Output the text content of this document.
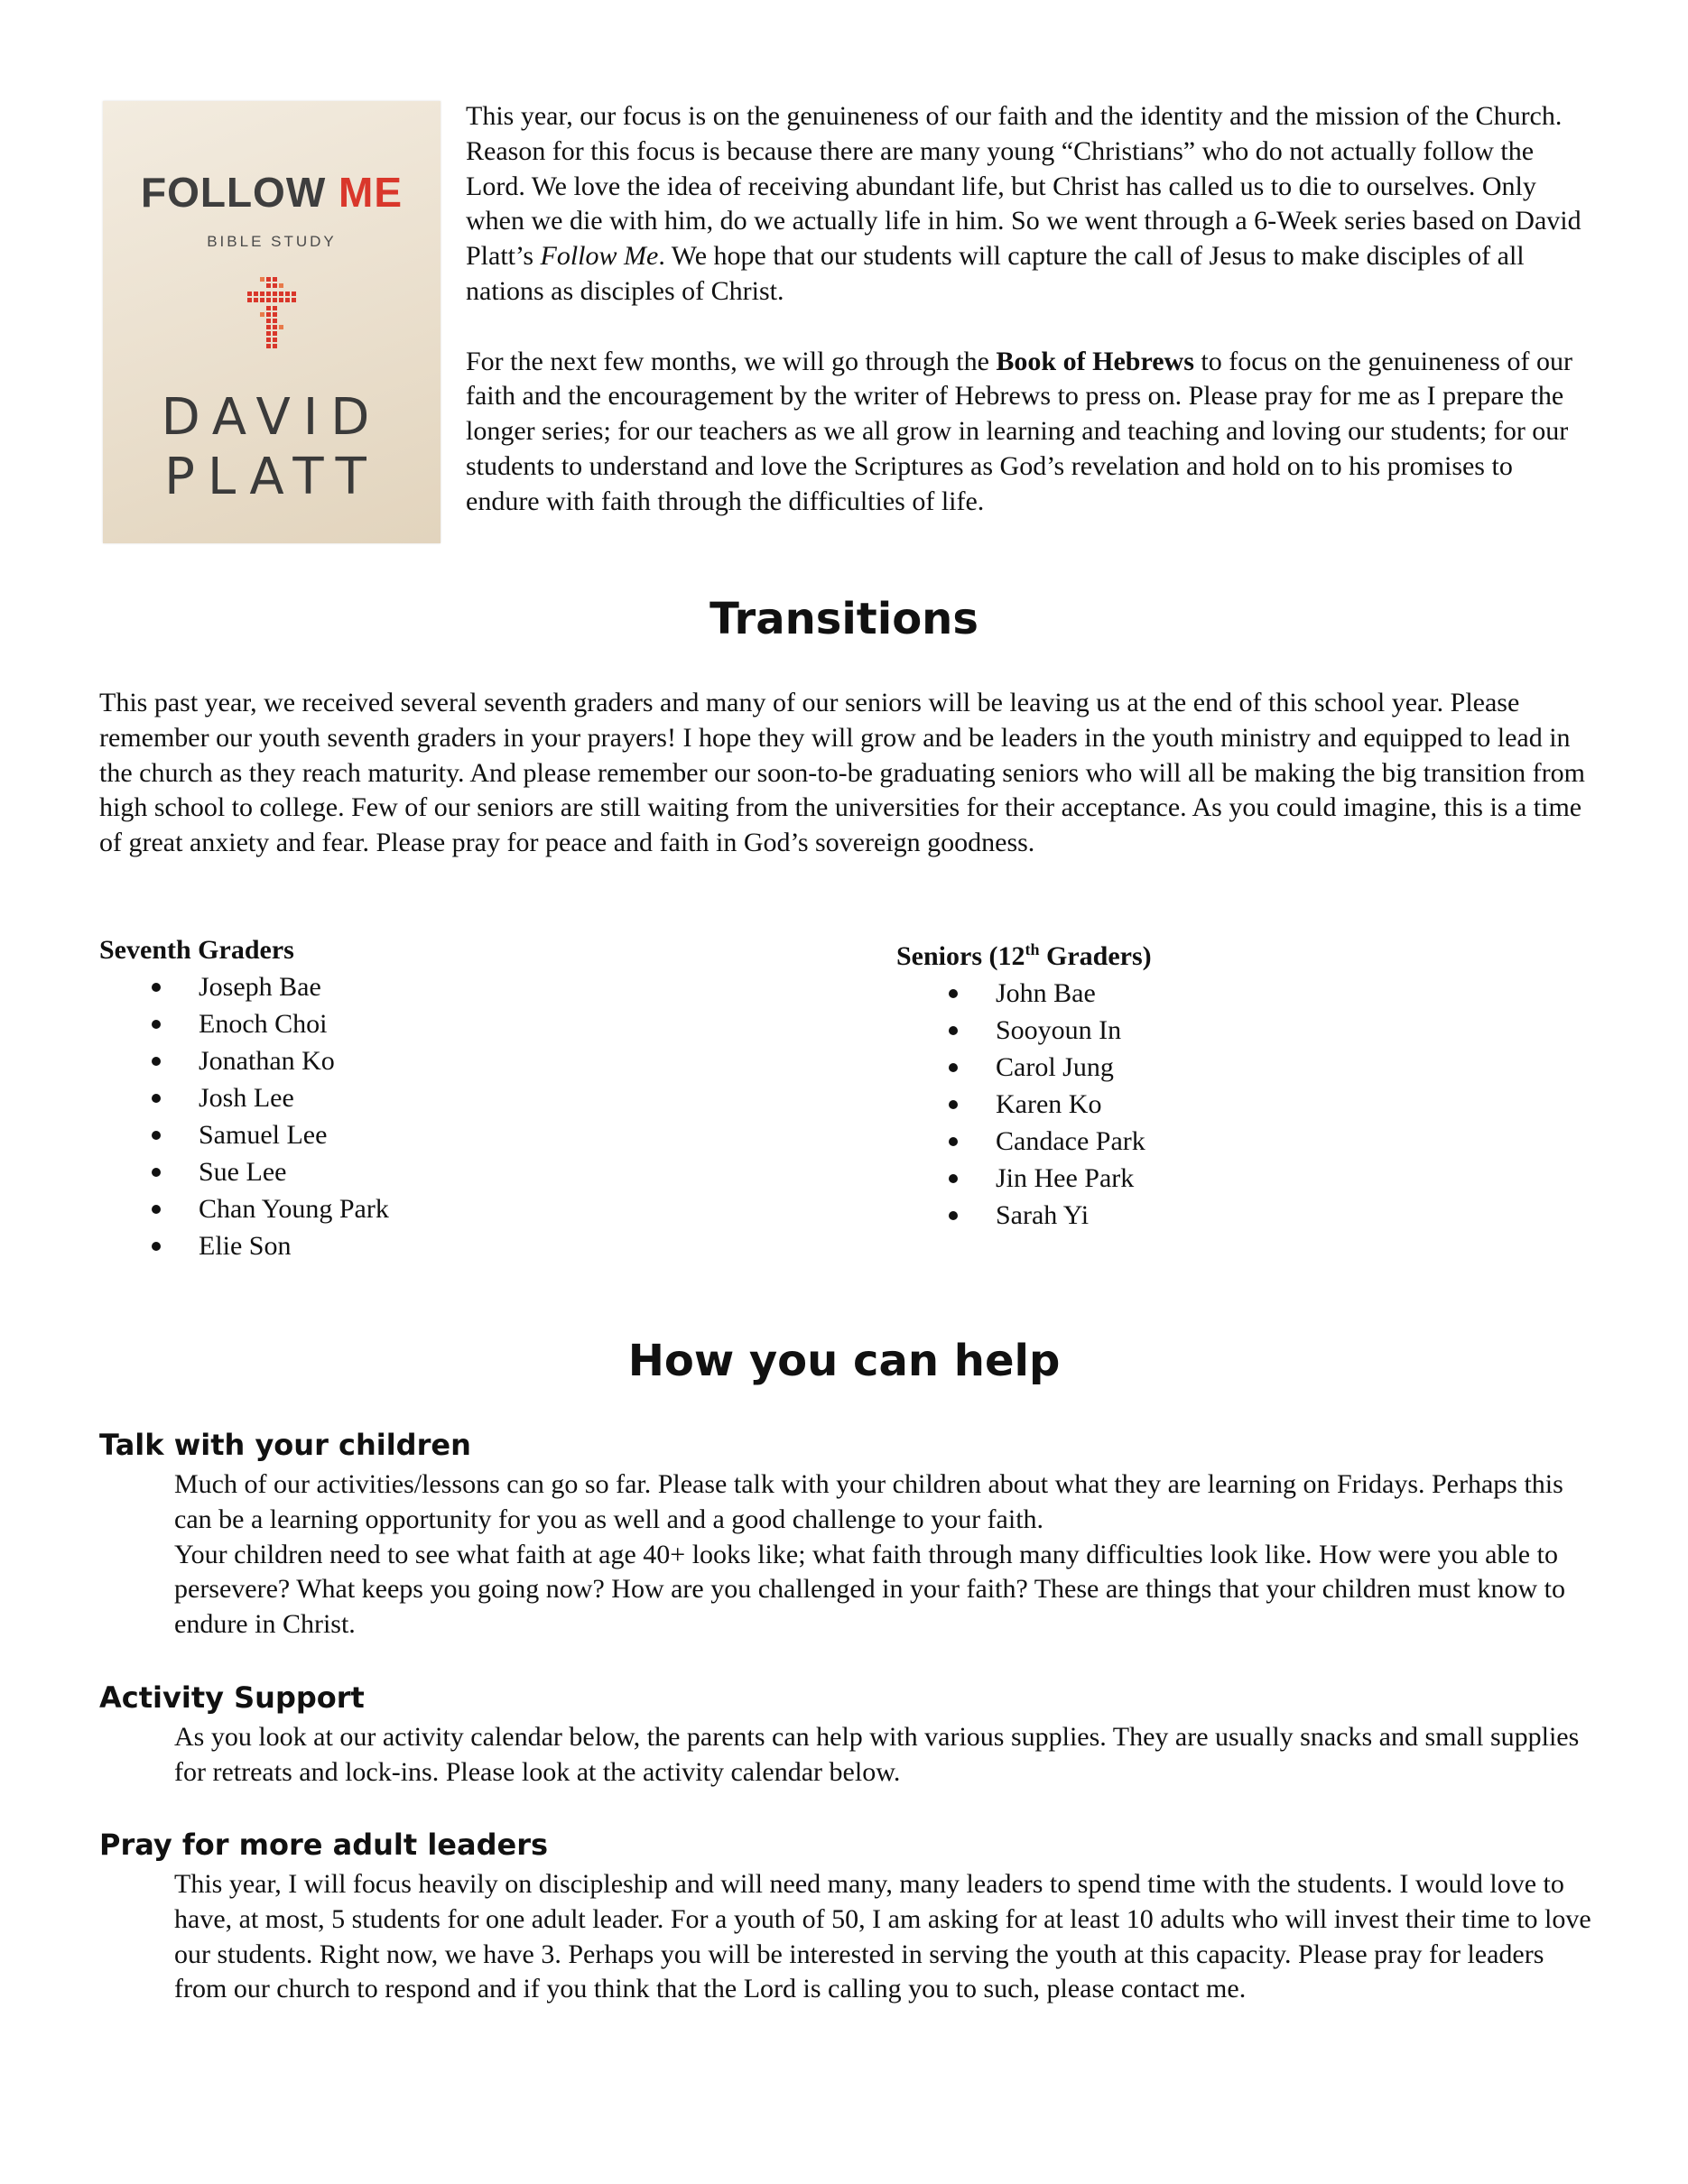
FOLLOW ME
BIBLE STUDY
DAVID
PLATT

This year, our focus is on the genuineness of our faith and the identity and the mission of the Church. Reason for this focus is because there are many young “Christians” who do not actually follow the Lord. We love the idea of receiving abundant life, but Christ has called us to die to ourselves. Only when we die with him, do we actually life in him. So we went through a 6-Week series based on David Platt’s Follow Me. We hope that our students will capture the call of Jesus to make disciples of all nations as disciples of Christ.

For the next few months, we will go through the Book of Hebrews to focus on the genuineness of our faith and the encouragement by the writer of Hebrews to press on. Please pray for me as I prepare the longer series; for our teachers as we all grow in learning and teaching and loving our students; for our students to understand and love the Scriptures as God’s revelation and hold on to his promises to endure with faith through the difficulties of life.

Transitions

This past year, we received several seventh graders and many of our seniors will be leaving us at the end of this school year. Please remember our youth seventh graders in your prayers! I hope they will grow and be leaders in the youth ministry and equipped to lead in the church as they reach maturity. And please remember our soon-to-be graduating seniors who will all be making the big transition from high school to college. Few of our seniors are still waiting from the universities for their acceptance. As you could imagine, this is a time of great anxiety and fear. Please pray for peace and faith in God’s sovereign goodness.

Seventh Graders

Joseph Bae
Enoch Choi
Jonathan Ko
Josh Lee
Samuel Lee
Sue Lee
Chan Young Park
Elie Son

Seniors (12th Graders)

John Bae
Sooyoun In
Carol Jung
Karen Ko
Candace Park
Jin Hee Park
Sarah Yi
How you can help

Talk with your children

Much of our activities/lessons can go so far. Please talk with your children about what they are learning on Fridays. Perhaps this can be a learning opportunity for you as well and a good challenge to your faith.

Your children need to see what faith at age 40+ looks like; what faith through many difficulties look like. How were you able to persevere? What keeps you going now? How are you challenged in your faith? These are things that your children must know to endure in Christ.

Activity Support

As you look at our activity calendar below, the parents can help with various supplies. They are usually snacks and small supplies for retreats and lock-ins. Please look at the activity calendar below.

Pray for more adult leaders

This year, I will focus heavily on discipleship and will need many, many leaders to spend time with the students. I would love to have, at most, 5 students for one adult leader. For a youth of 50, I am asking for at least 10 adults who will invest their time to love our students. Right now, we have 3. Perhaps you will be interested in serving the youth at this capacity. Please pray for leaders from our church to respond and if you think that the Lord is calling you to such, please contact me.
